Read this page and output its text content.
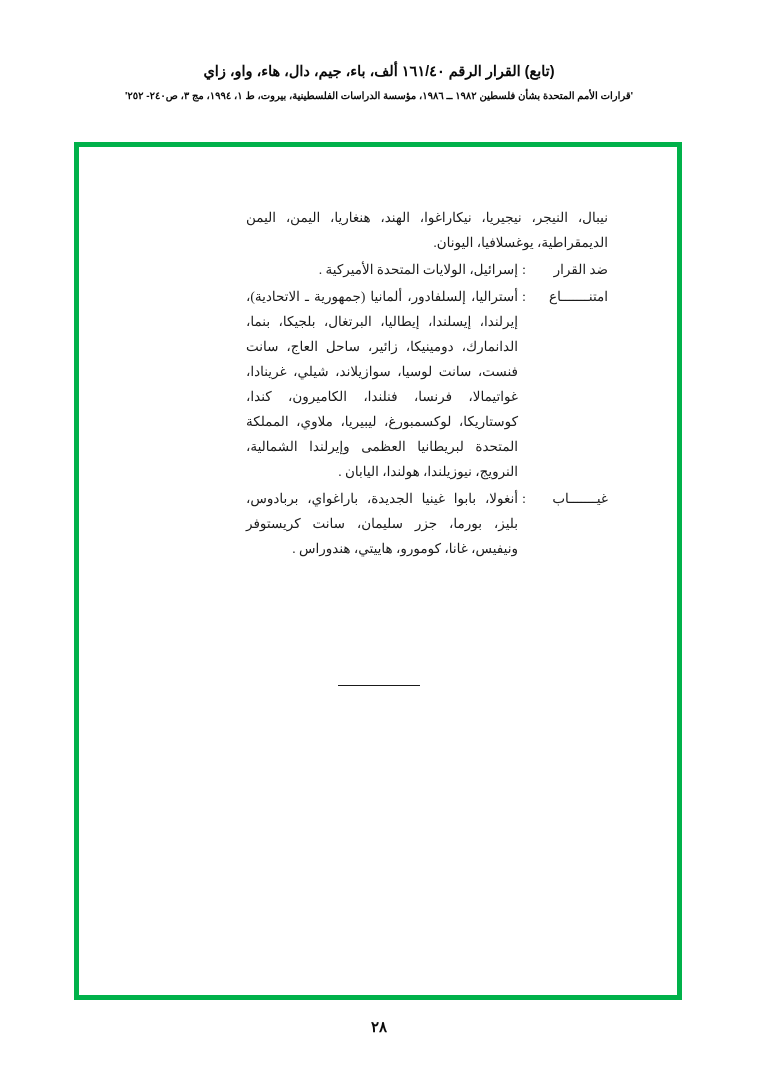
(تابع) القرار الرقم ١٦١/٤٠ ألف، باء، جيم، دال، هاء، واو، زاي
'قرارات الأمم المتحدة بشأن فلسطين ١٩٨٢ ــ ١٩٨٦، مؤسسة الدراسات الفلسطينية، بيروت، ط ١، ١٩٩٤، مج ٣، ص٢٤٠- ٢٥٢'

نيبال، النيجر، نيجيريا، نيكاراغوا، الهند، هنغاريا، اليمن، اليمن الديمقراطية، يوغسلافيا، اليونان.

ضد القرار
:
إسرائيل، الولايات المتحدة الأميركية .
امتنـــــــاع
:
أستراليا، إلسلفادور، ألمانيا (جمهورية ـ الاتحادية)، إيرلندا، إيسلندا، إيطاليا، البرتغال، بلجيكا، بنما، الدانمارك، دومينيكا، زائير، ساحل العاج، سانت فنست، سانت لوسيا، سوازيلاند، شيلي، غرينادا، غواتيمالا، فرنسا، فنلندا، الكاميرون، كندا، كوستاريكا، لوكسمبورغ، ليبيريا، ملاوي، المملكة المتحدة لبريطانيا العظمى وإيرلندا الشمالية، النرويج، نيوزيلندا، هولندا، اليابان .
غيـــــــاب
:
أنغولا، بابوا غينيا الجديدة، باراغواي، بربادوس، بليز، بورما، جزر سليمان، سانت كريستوفر ونيفيس، غانا، كومورو، هاييتي، هندوراس .
٢٨
